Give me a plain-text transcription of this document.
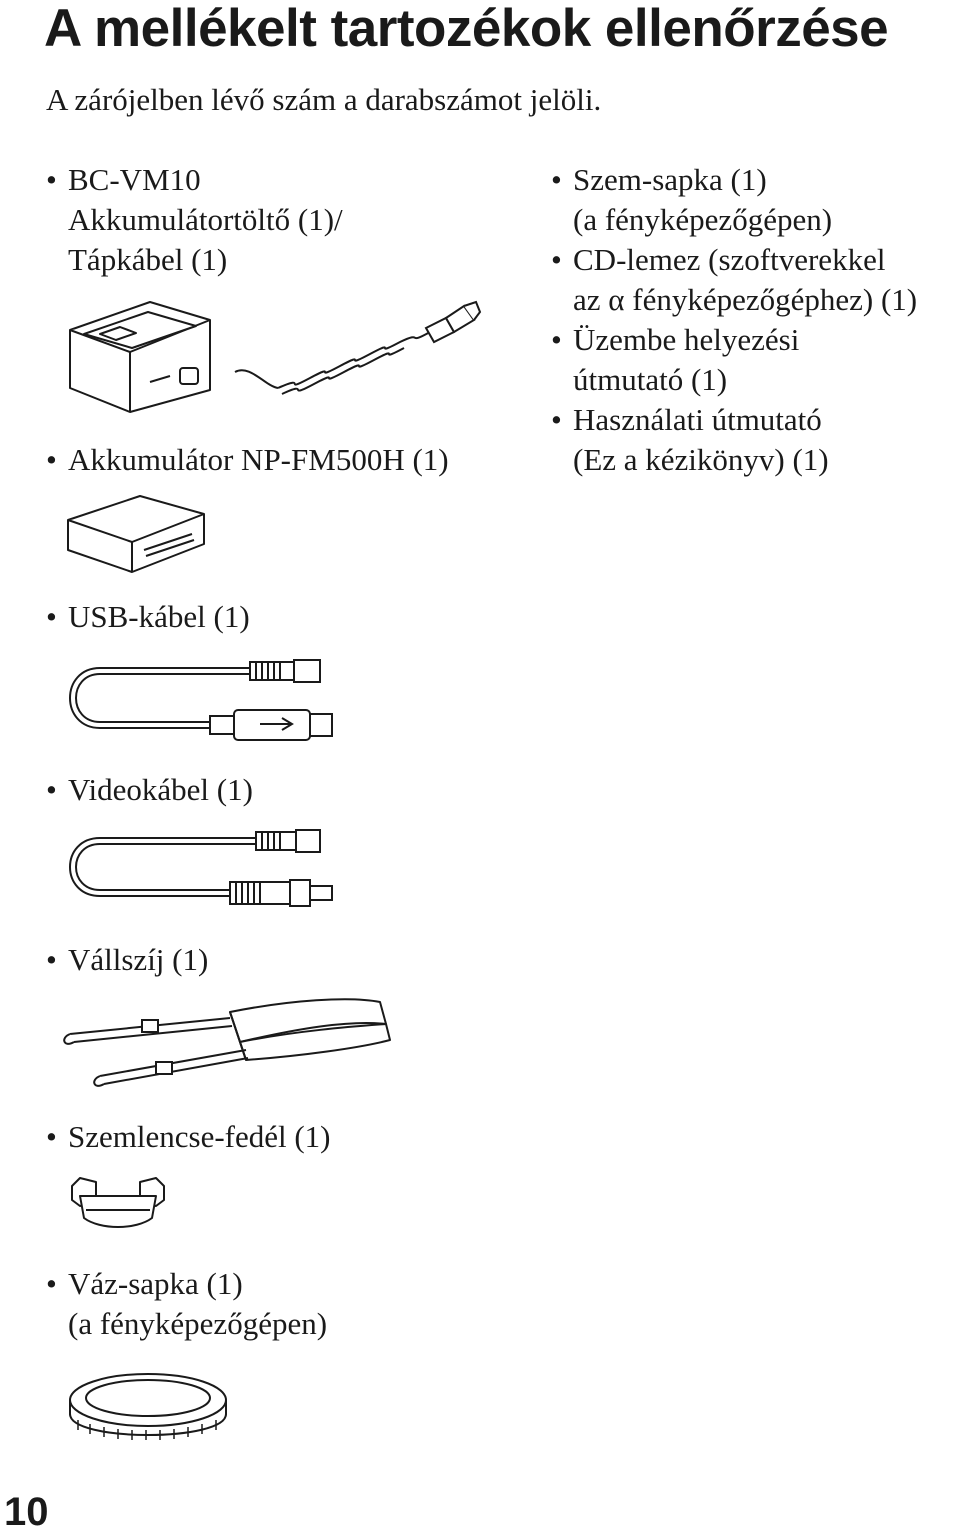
A mellékelt tartozékok ellenőrzése
A zárójelben lévő szám a darabszámot jelöli.
• BC-VM10
Akkumulátortöltő (1)/
Tápkábel (1)
• Akkumulátor NP-FM500H (1)
• USB-kábel (1)
• Videokábel (1)
• Vállszíj (1)
• Szemlencse-fedél (1)
• Váz-sapka (1)
(a fényképezőgépen)
• Szem-sapka (1)
(a fényképezőgépen)
• CD-lemez (szoftverekkel
az α fényképezőgéphez) (1)
• Üzembe helyezési
útmutató (1)
• Használati útmutató
(Ez a kézikönyv) (1)
10
